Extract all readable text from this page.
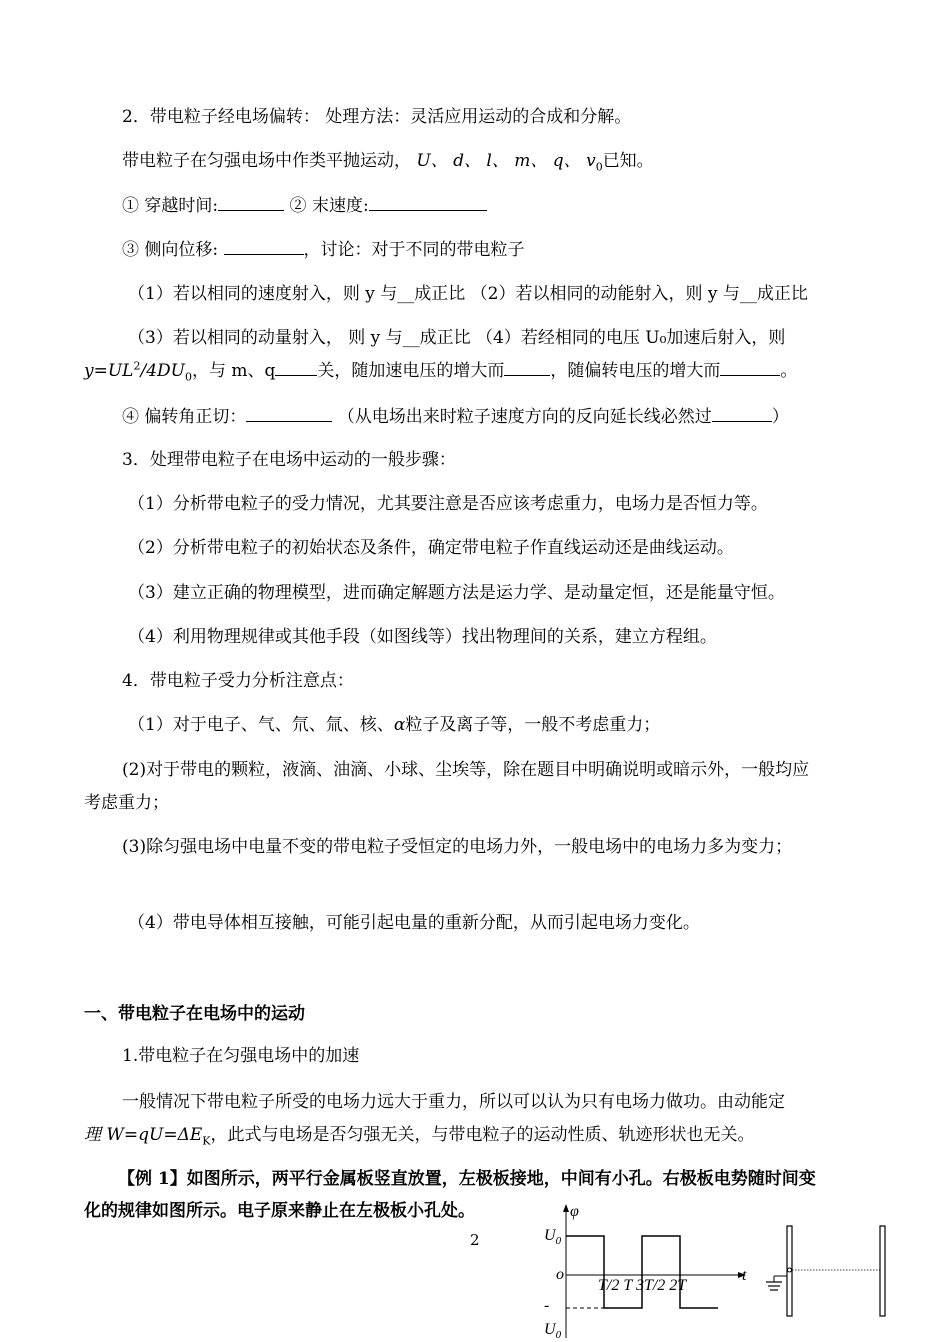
2．带电粒子经电场偏转： 处理方法：灵活应用运动的合成和分解。
带电粒子在匀强电场中作类平抛运动， U、 d、 l、 m、 q、 $v_0$已知。
① 穿越时间:	② 末速度:
③ 侧向位移:	，讨论：对于不同的带电粒子
（1）若以相同的速度射入，则 y 与__成正比 （2）若以相同的动能射入，则 y 与__成正比
（3）若以相同的动量射入， 则 y 与__成正比 （4）若经相同的电压 U₀加速后射入，则
$y=UL^2/4DU_0$，与 m、q 关，随加速电压的增大而	，随偏转电压的增大而	。
④ 偏转角正切：	（从电场出来时粒子速度方向的反向延长线必然过	）
3．处理带电粒子在电场中运动的一般步骤：
（1）分析带电粒子的受力情况，尤其要注意是否应该考虑重力，电场力是否恒力等。
（2）分析带电粒子的初始状态及条件，确定带电粒子作直线运动还是曲线运动。
（3）建立正确的物理模型，进而确定解题方法是运力学、是动量定恒，还是能量守恒。
（4）利用物理规律或其他手段（如图线等）找出物理间的关系，建立方程组。
4．带电粒子受力分析注意点：
（1）对于电子、气、氘、氚、核、α粒子及离子等，一般不考虑重力；
(2)对于带电的颗粒，液滴、油滴、小球、尘埃等，除在题目中明确说明或暗示外，一般均应
考虑重力；
(3)除匀强电场中电量不变的带电粒子受恒定的电场力外，一般电场中的电场力多为变力；
（4）带电导体相互接触，可能引起电量的重新分配，从而引起电场力变化。
一、带电粒子在电场中的运动
1.带电粒子在匀强电场中的加速
一般情况下带电粒子所受的电场力远大于重力，所以可以认为只有电场力做功。由动能定
理 $W=qU=\Delta E_K$，此式与电场是否匀强无关，与带电粒子的运动性质、轨迹形状也无关。
【例 1】如图所示，两平行金属板竖直放置，左极板接地，中间有小孔。右极板电势随时间变
化的规律如图所示。电子原来静止在左极板小孔处。
2
φ
$U_0$
o
T/2 T 3T/2 2T
t
-
$U_0$
